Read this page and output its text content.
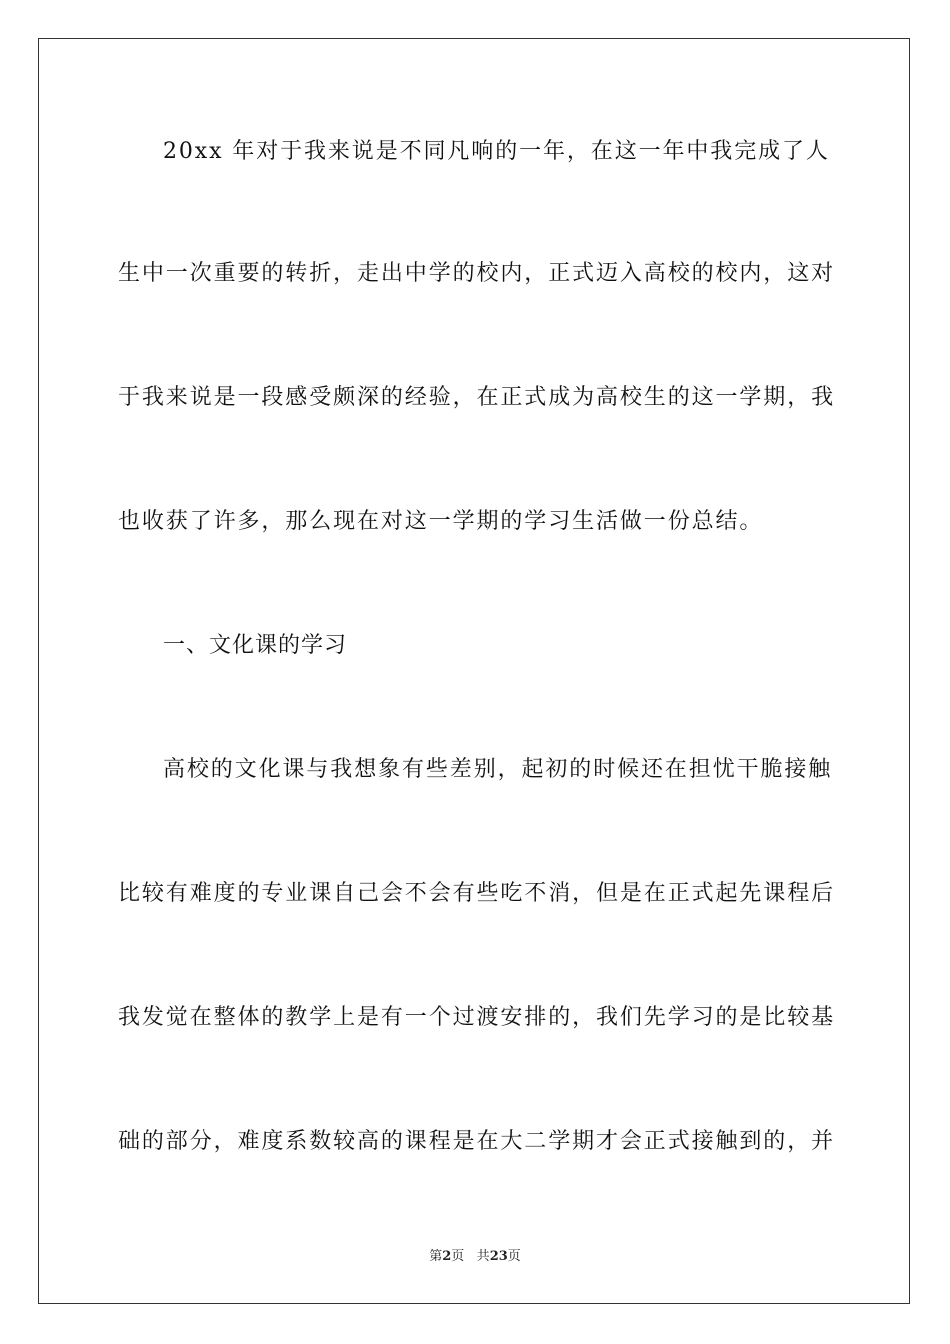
20xx 年对于我来说是不同凡响的一年，在这一年中我完成了人
生中一次重要的转折，走出中学的校内，正式迈入高校的校内，这对
于我来说是一段感受颇深的经验，在正式成为高校生的这一学期，我
也收获了许多，那么现在对这一学期的学习生活做一份总结。
一、文化课的学习
高校的文化课与我想象有些差别，起初的时候还在担忧干脆接触
比较有难度的专业课自己会不会有些吃不消，但是在正式起先课程后
我发觉在整体的教学上是有一个过渡安排的，我们先学习的是比较基
础的部分，难度系数较高的课程是在大二学期才会正式接触到的，并
第2页 共23页
